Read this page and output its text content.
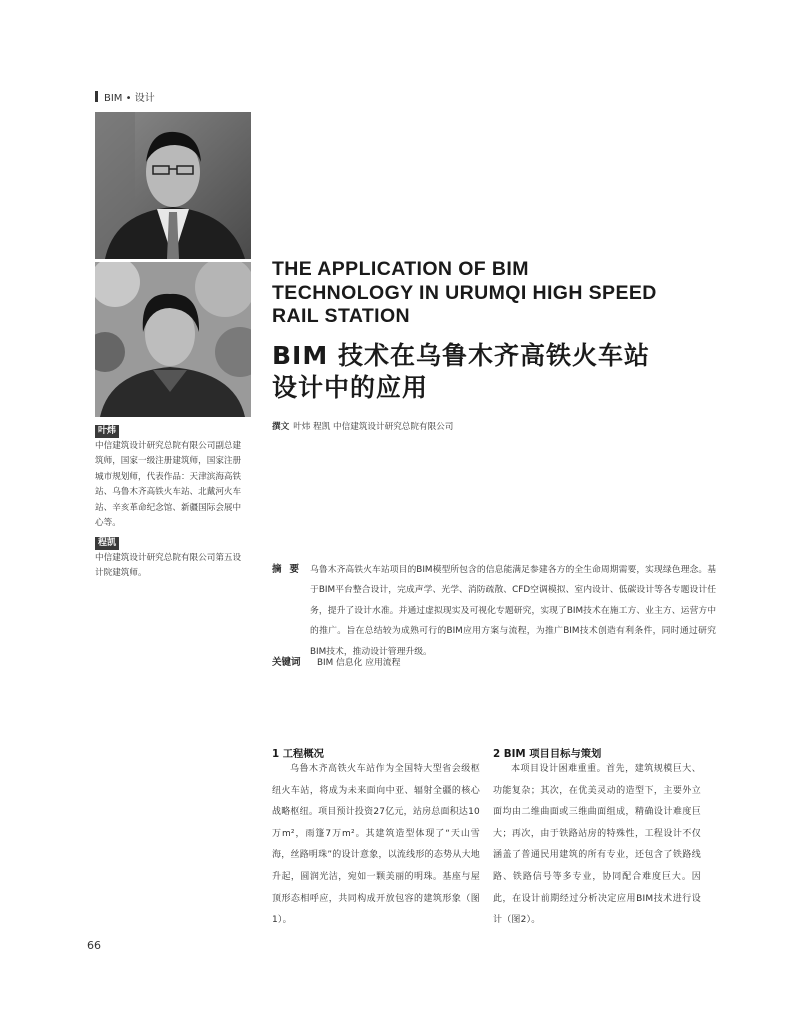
BIM • 设计
叶炜
中信建筑设计研究总院有限公司副总建筑师，国家一级注册建筑师，国家注册城市规划师，代表作品：天津滨海高铁站、乌鲁木齐高铁火车站、北戴河火车站、辛亥革命纪念馆、新疆国际会展中心等。
程凯
中信建筑设计研究总院有限公司第五设计院建筑师。
THE APPLICATION OF BIM
TECHNOLOGY IN URUMQI HIGH SPEED
RAIL STATION
BIM 技术在乌鲁木齐高铁火车站
设计中的应用
撰文 叶炜 程凯 中信建筑设计研究总院有限公司
摘要 乌鲁木齐高铁火车站项目的BIM模型所包含的信息能满足参建各方的全生命周期需要，实现绿色理念。基于BIM平台整合设计，完成声学、光学、消防疏散、CFD空调模拟、室内设计、低碳设计等各专题设计任务，提升了设计水准。并通过虚拟现实及可视化专题研究，实现了BIM技术在施工方、业主方、运营方中的推广。旨在总结较为成熟可行的BIM应用方案与流程，为推广BIM技术创造有利条件，同时通过研究BIM技术，推动设计管理升级。
关键词 BIM 信息化 应用流程
1 工程概况
乌鲁木齐高铁火车站作为全国特大型省会级枢纽火车站，将成为未来面向中亚、辐射全疆的核心战略枢纽。项目预计投资27亿元，站房总面积达10万m²，雨篷7万m²。其建筑造型体现了“天山雪海，丝路明珠”的设计意象，以流线形的态势从大地升起，圆润光洁，宛如一颗美丽的明珠。基座与屋顶形态相呼应，共同构成开放包容的建筑形象（图1）。
2 BIM 项目目标与策划
本项目设计困难重重。首先，建筑规模巨大、功能复杂；其次，在优美灵动的造型下，主要外立面均由二维曲面或三维曲面组成，精确设计难度巨大；再次，由于铁路站房的特殊性，工程设计不仅涵盖了普通民用建筑的所有专业，还包含了铁路线路、铁路信号等多专业，协同配合难度巨大。因此，在设计前期经过分析决定应用BIM技术进行设计（图2）。
66
